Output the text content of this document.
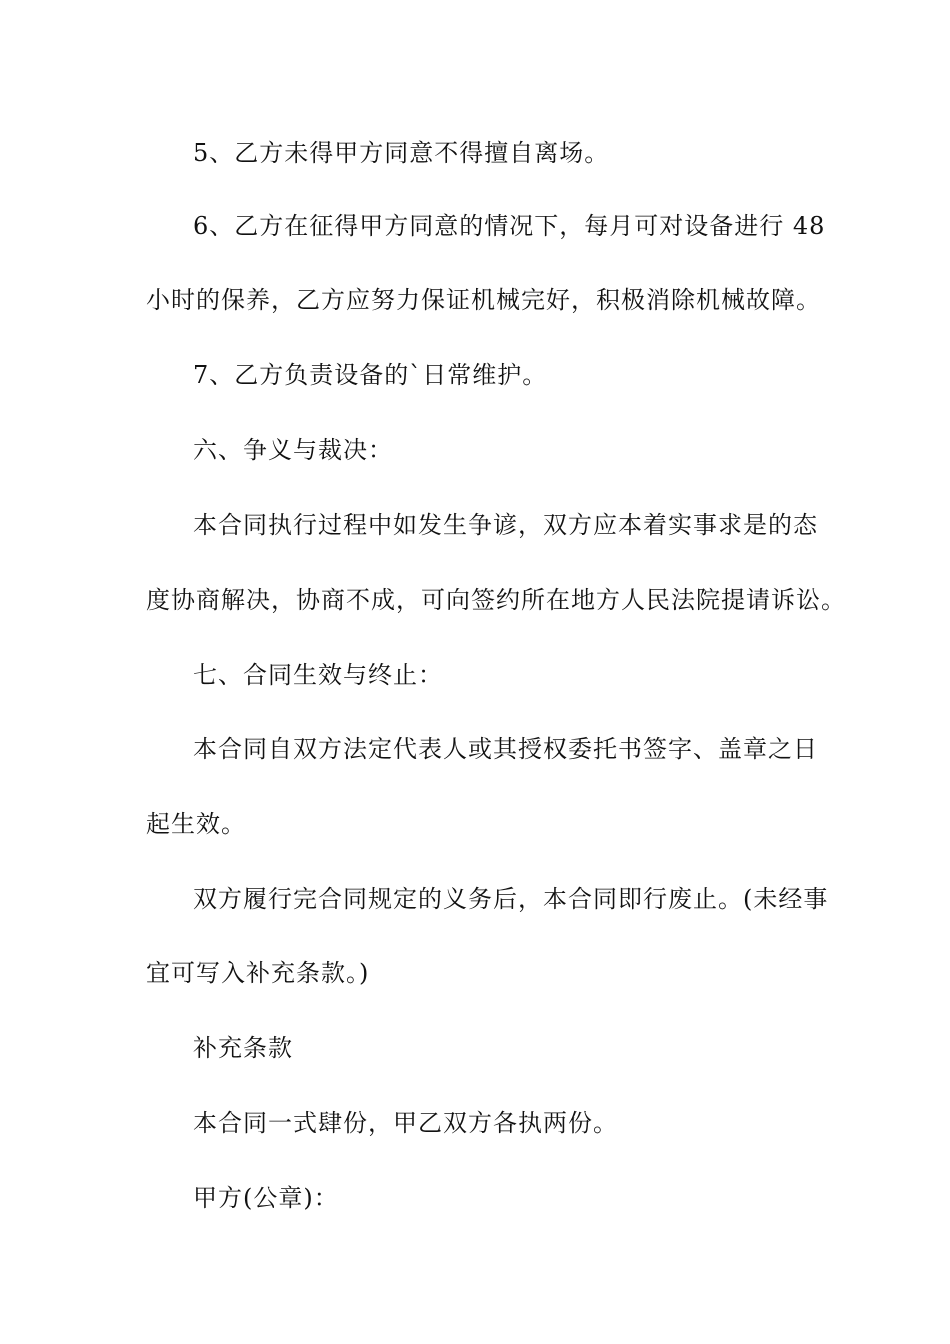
5、乙方未得甲方同意不得擅自离场。
6、乙方在征得甲方同意的情况下，每月可对设备进行 48
小时的保养，乙方应努力保证机械完好，积极消除机械故障。
7、乙方负责设备的`日常维护。
六、争义与裁决：
本合同执行过程中如发生争谚，双方应本着实事求是的态
度协商解决，协商不成，可向签约所在地方人民法院提请诉讼。
七、合同生效与终止：
本合同自双方法定代表人或其授权委托书签字、盖章之日
起生效。
双方履行完合同规定的义务后，本合同即行废止。(未经事
宜可写入补充条款。)
补充条款
本合同一式肆份，甲乙双方各执两份。
甲方(公章)：
